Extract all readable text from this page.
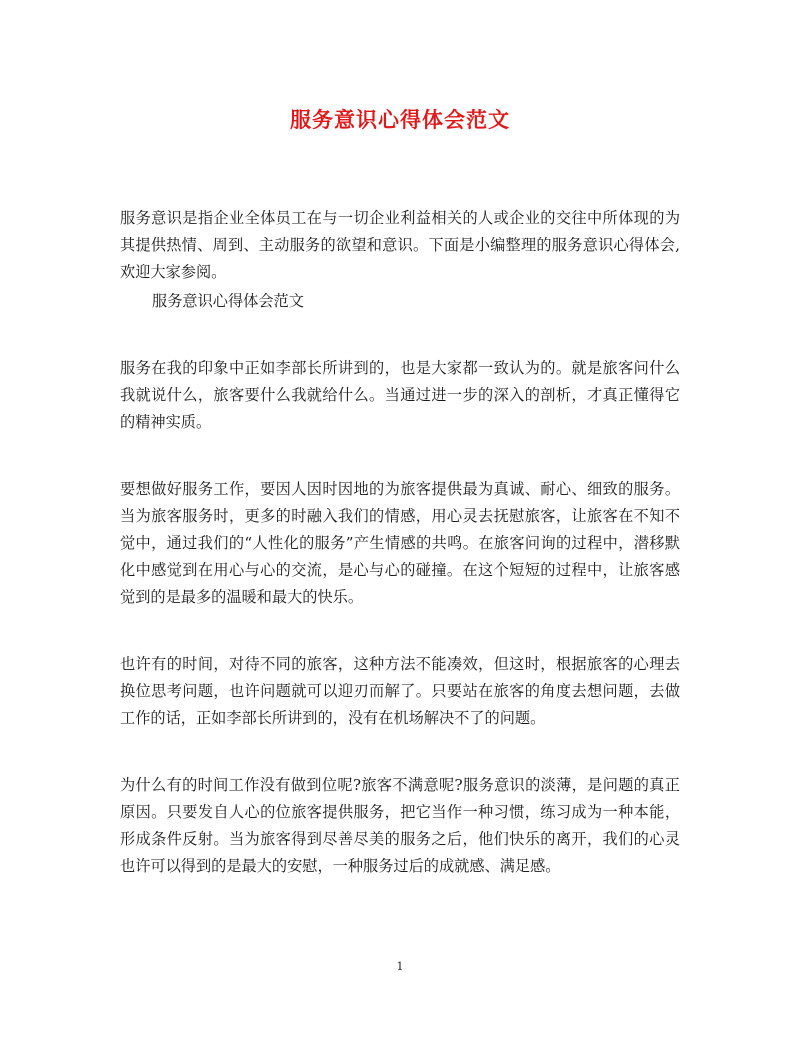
服务意识心得体会范文

服务意识是指企业全体员工在与一切企业利益相关的人或企业的交往中所体现的为其提供热情、周到、主动服务的欲望和意识。下面是小编整理的服务意识心得体会,欢迎大家参阅。

服务意识心得体会范文

服务在我的印象中正如李部长所讲到的，也是大家都一致认为的。就是旅客问什么我就说什么，旅客要什么我就给什么。当通过进一步的深入的剖析，才真正懂得它的精神实质。

要想做好服务工作，要因人因时因地的为旅客提供最为真诚、耐心、细致的服务。当为旅客服务时，更多的时融入我们的情感，用心灵去抚慰旅客，让旅客在不知不觉中，通过我们的“人性化的服务”产生情感的共鸣。在旅客问询的过程中，潜移默化中感觉到在用心与心的交流，是心与心的碰撞。在这个短短的过程中，让旅客感觉到的是最多的温暖和最大的快乐。

也许有的时间，对待不同的旅客，这种方法不能凑效，但这时，根据旅客的心理去换位思考问题，也许问题就可以迎刃而解了。只要站在旅客的角度去想问题，去做工作的话，正如李部长所讲到的，没有在机场解决不了的问题。

为什么有的时间工作没有做到位呢?旅客不满意呢?服务意识的淡薄，是问题的真正原因。只要发自人心的位旅客提供服务，把它当作一种习惯，练习成为一种本能，形成条件反射。当为旅客得到尽善尽美的服务之后，他们快乐的离开，我们的心灵也许可以得到的是最大的安慰，一种服务过后的成就感、满足感。

1
